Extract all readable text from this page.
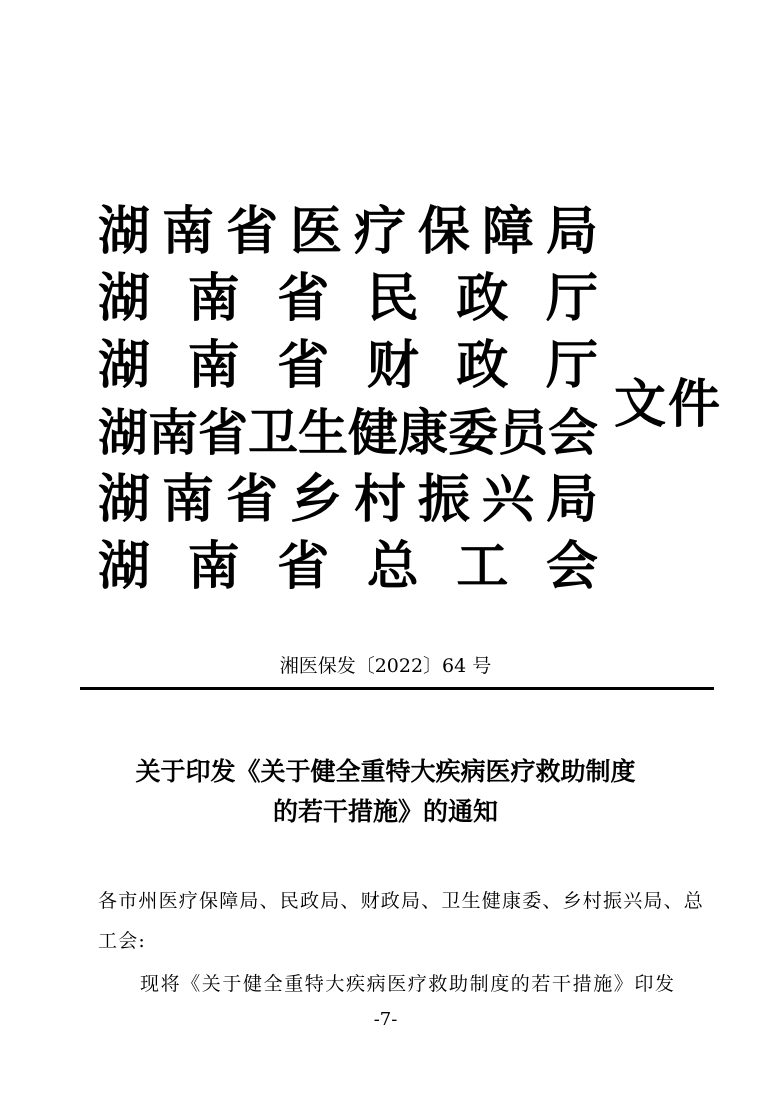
湖 南 省 医 疗 保 障 局
湖 南 省 民 政 厅
湖 南 省 财 政 厅
湖 南 省 卫 生 健 康 委 员 会
湖 南 省 乡 村 振 兴 局
湖 南 省 总 工 会
文件
湘医保发〔2022〕64 号
关于印发《关于健全重特大疾病医疗救助制度
的若干措施》的通知
各市州医疗保障局、民政局、财政局、卫生健康委、乡村振兴局、总工会:
现将《关于健全重特大疾病医疗救助制度的若干措施》印发
-7-
